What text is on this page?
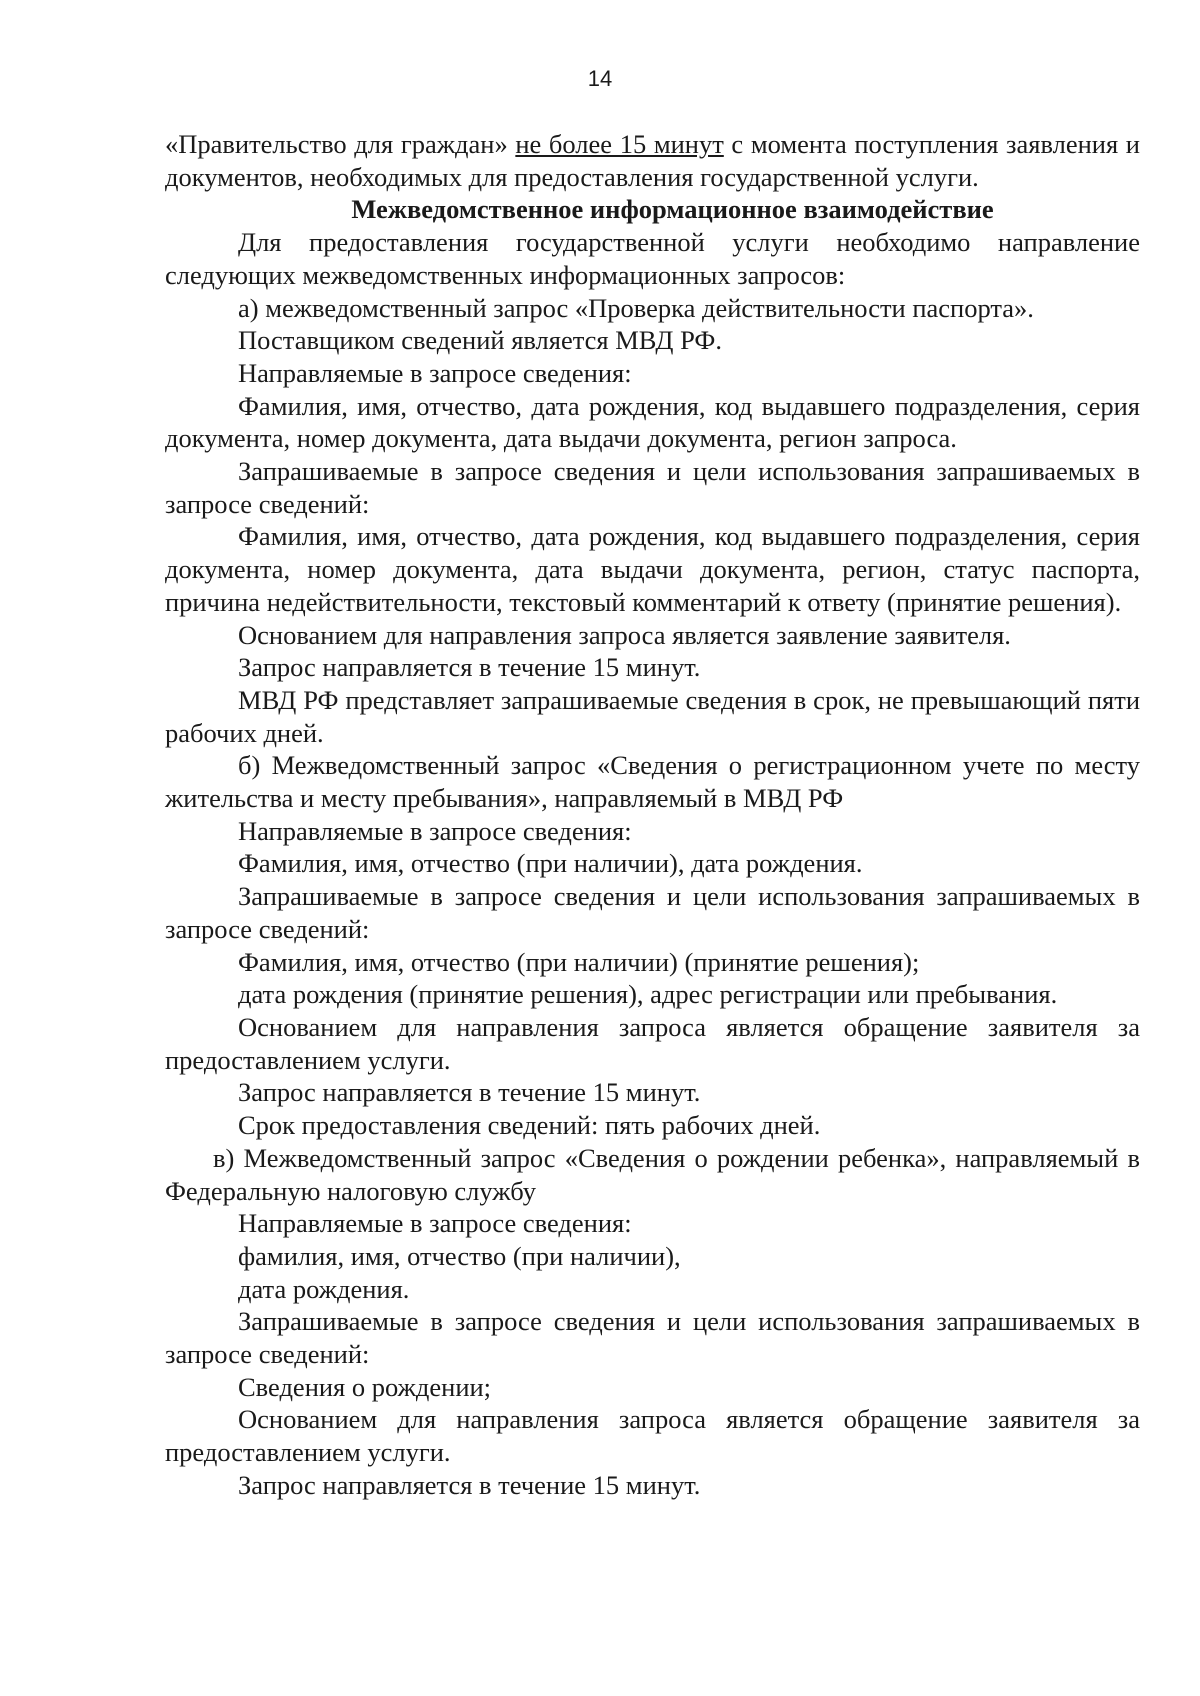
14

«Правительство для граждан» не более 15 минут с момента поступления заявления и документов, необходимых для предоставления государственной услуги.

Межведомственное информационное взаимодействие

Для предоставления государственной услуги необходимо направление следующих межведомственных информационных запросов:

а) межведомственный запрос «Проверка действительности паспорта».

Поставщиком сведений является МВД РФ.

Направляемые в запросе сведения:

Фамилия, имя, отчество, дата рождения, код выдавшего подразделения, серия документа, номер документа, дата выдачи документа, регион запроса.

Запрашиваемые в запросе сведения и цели использования запрашиваемых в запросе сведений:

Фамилия, имя, отчество, дата рождения, код выдавшего подразделения, серия документа, номер документа, дата выдачи документа, регион, статус паспорта, причина недействительности, текстовый комментарий к ответу (принятие решения).

Основанием для направления запроса является заявление заявителя.

Запрос направляется в течение 15 минут.

МВД РФ представляет запрашиваемые сведения в срок, не превышающий пяти рабочих дней.

б) Межведомственный запрос «Сведения о регистрационном учете по месту жительства и месту пребывания», направляемый в МВД РФ

Направляемые в запросе сведения:

Фамилия, имя, отчество (при наличии), дата рождения.

Запрашиваемые в запросе сведения и цели использования запрашиваемых в запросе сведений:

Фамилия, имя, отчество (при наличии) (принятие решения);

дата рождения (принятие решения), адрес регистрации или пребывания.

Основанием для направления запроса является обращение заявителя за предоставлением услуги.

Запрос направляется в течение 15 минут.

Срок предоставления сведений: пять рабочих дней.

в) Межведомственный запрос «Сведения о рождении ребенка», направляемый в Федеральную налоговую службу

Направляемые в запросе сведения:

фамилия, имя, отчество (при наличии),

дата рождения.

Запрашиваемые в запросе сведения и цели использования запрашиваемых в запросе сведений:

Сведения о рождении;

Основанием для направления запроса является обращение заявителя за предоставлением услуги.

Запрос направляется в течение 15 минут.
